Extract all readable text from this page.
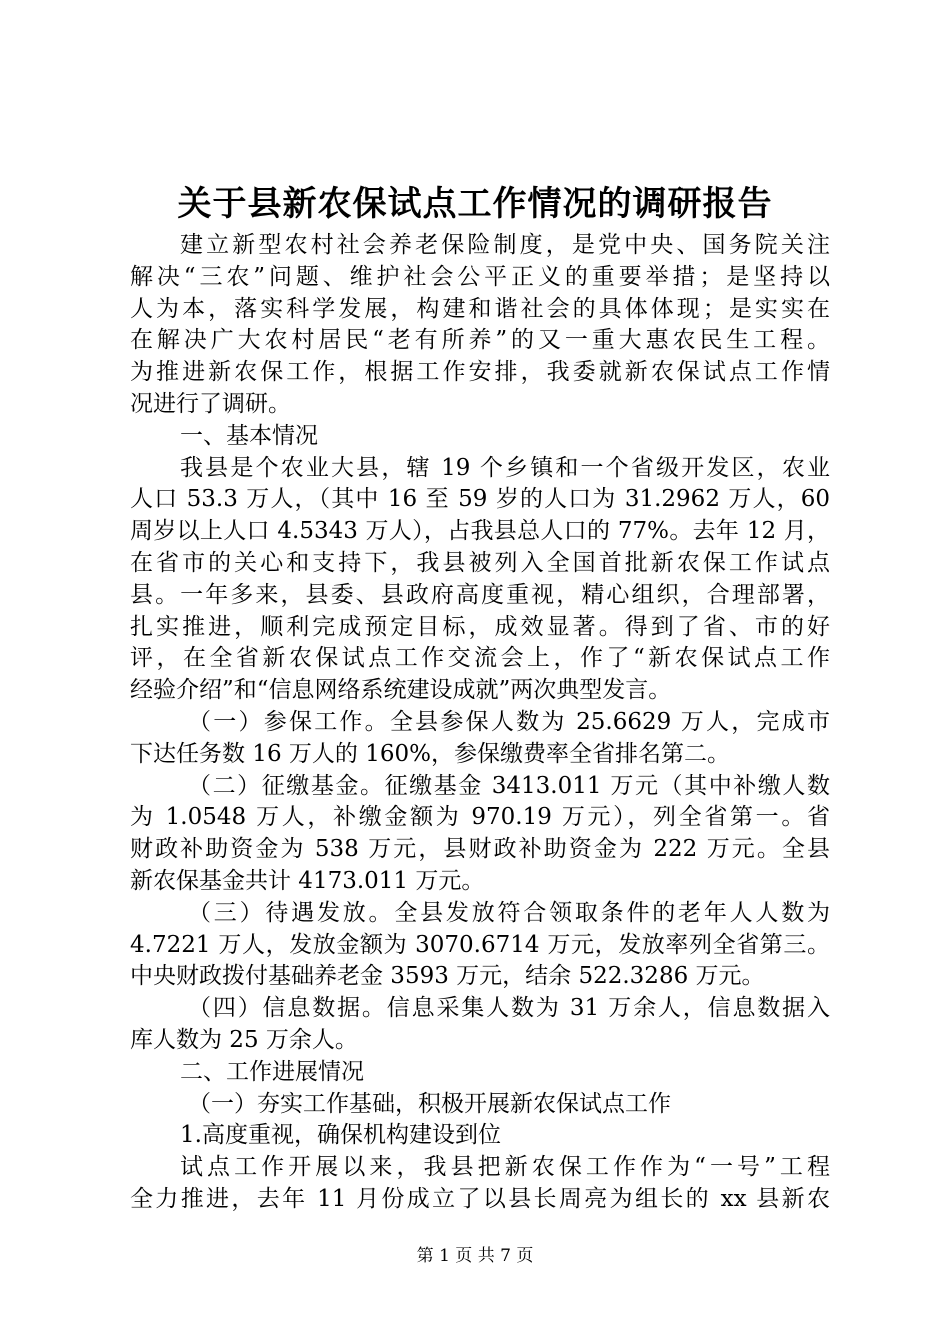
关于县新农保试点工作情况的调研报告
建立新型农村社会养老保险制度，是党中央、国务院关注
解决“三农”问题、维护社会公平正义的重要举措；是坚持以
人为本，落实科学发展，构建和谐社会的具体体现；是实实在
在解决广大农村居民“老有所养”的又一重大惠农民生工程。
为推进新农保工作，根据工作安排，我委就新农保试点工作情
况进行了调研。
一、基本情况
我县是个农业大县，辖 19 个乡镇和一个省级开发区，农业
人口 53.3 万人，（其中 16 至 59 岁的人口为 31.2962 万人，60
周岁以上人口 4.5343 万人），占我县总人口的 77%。去年 12 月，
在省市的关心和支持下，我县被列入全国首批新农保工作试点
县。一年多来，县委、县政府高度重视，精心组织，合理部署，
扎实推进，顺利完成预定目标，成效显著。得到了省、市的好
评，在全省新农保试点工作交流会上，作了“新农保试点工作
经验介绍”和“信息网络系统建设成就”两次典型发言。
（一）参保工作。全县参保人数为 25.6629 万人，完成市
下达任务数 16 万人的 160%，参保缴费率全省排名第二。
（二）征缴基金。征缴基金 3413.011 万元（其中补缴人数
为 1.0548 万人，补缴金额为 970.19 万元），列全省第一。省
财政补助资金为 538 万元，县财政补助资金为 222 万元。全县
新农保基金共计 4173.011 万元。
（三）待遇发放。全县发放符合领取条件的老年人人数为
4.7221 万人，发放金额为 3070.6714 万元，发放率列全省第三。
中央财政拨付基础养老金 3593 万元，结余 522.3286 万元。
（四）信息数据。信息采集人数为 31 万余人，信息数据入
库人数为 25 万余人。
二、工作进展情况
（一）夯实工作基础，积极开展新农保试点工作
1.高度重视，确保机构建设到位
试点工作开展以来，我县把新农保工作作为“一号”工程
全力推进，去年 11 月份成立了以县长周亮为组长的 xx 县新农
第 1 页 共 7 页
